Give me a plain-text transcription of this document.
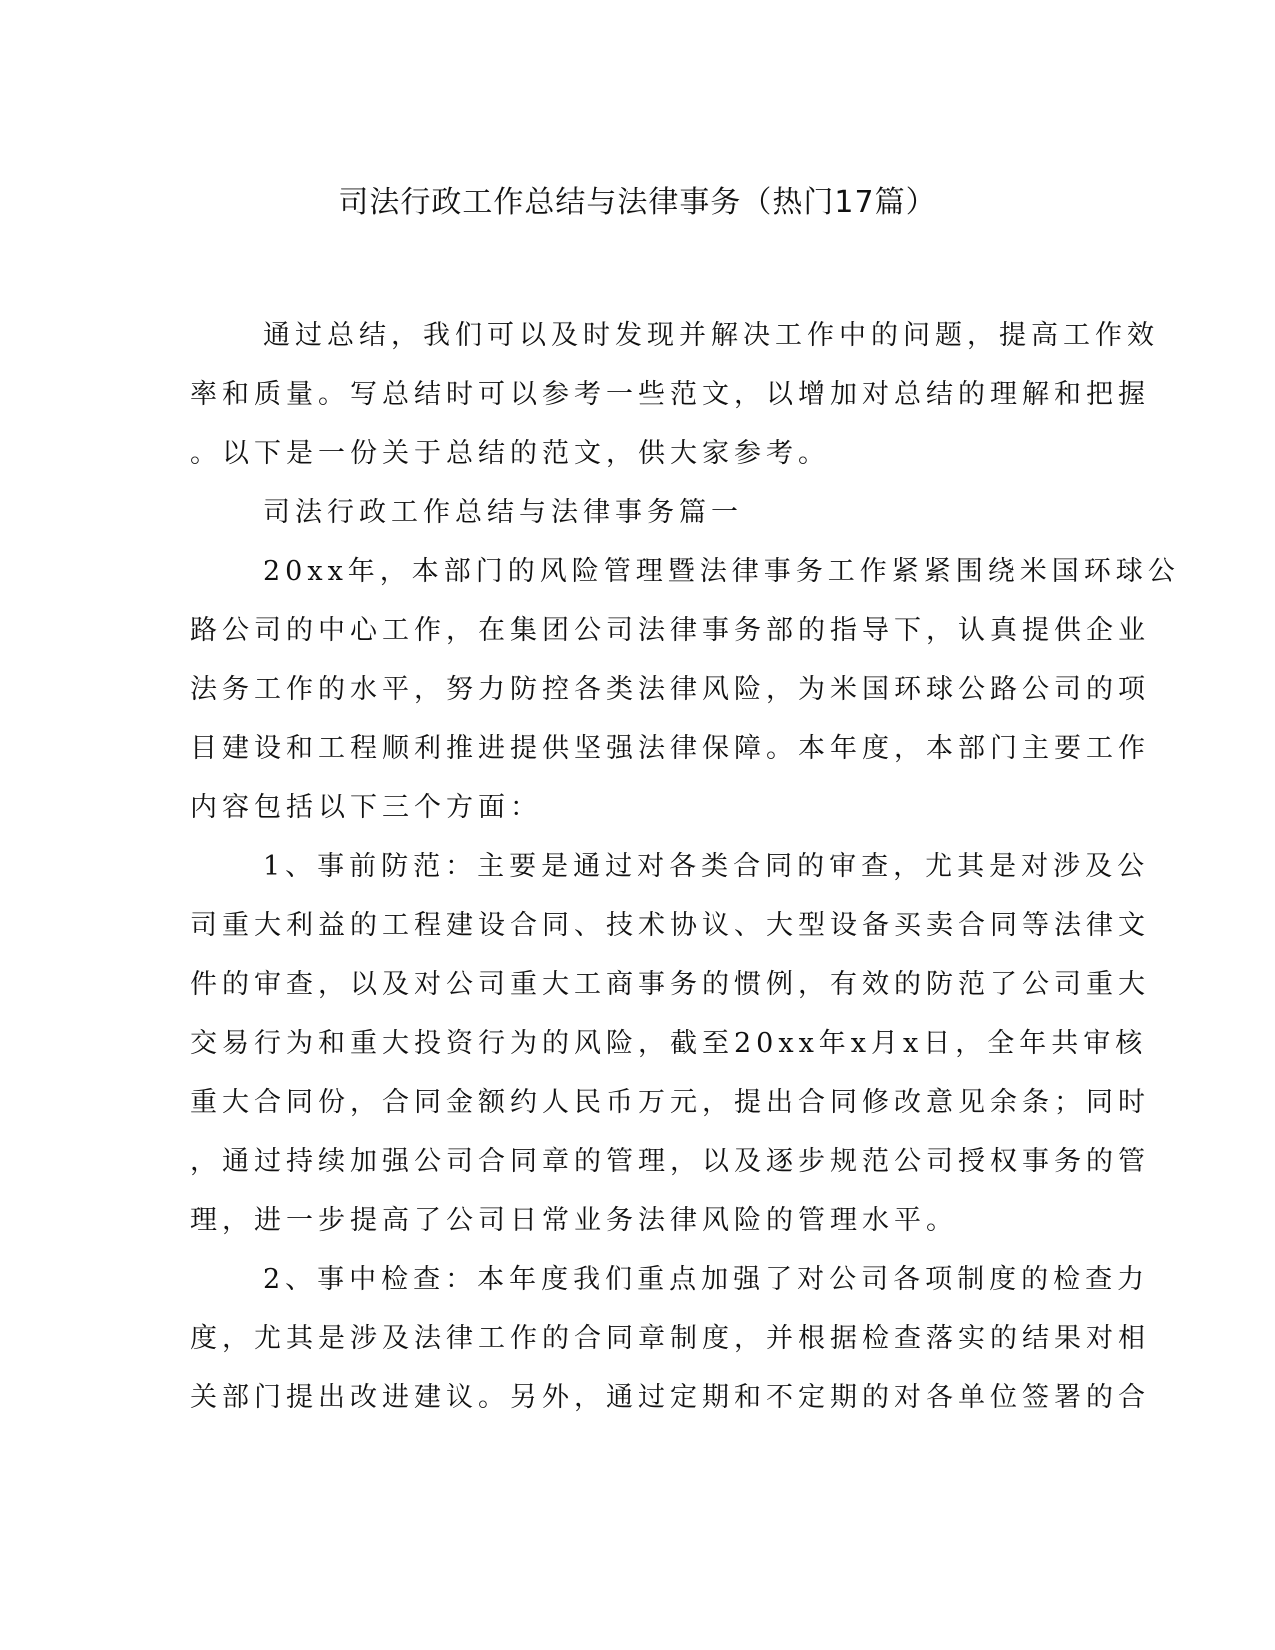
司法行政工作总结与法律事务（热门17篇）
通过总结，我们可以及时发现并解决工作中的问题，提高工作效
率和质量。写总结时可以参考一些范文，以增加对总结的理解和把握
。以下是一份关于总结的范文，供大家参考。
司法行政工作总结与法律事务篇一
20xx年，本部门的风险管理暨法律事务工作紧紧围绕米国环球公
路公司的中心工作，在集团公司法律事务部的指导下，认真提供企业
法务工作的水平，努力防控各类法律风险，为米国环球公路公司的项
目建设和工程顺利推进提供坚强法律保障。本年度，本部门主要工作
内容包括以下三个方面：
1、事前防范：主要是通过对各类合同的审查，尤其是对涉及公
司重大利益的工程建设合同、技术协议、大型设备买卖合同等法律文
件的审查，以及对公司重大工商事务的惯例，有效的防范了公司重大
交易行为和重大投资行为的风险，截至20xx年x月x日，全年共审核
重大合同份，合同金额约人民币万元，提出合同修改意见余条；同时
，通过持续加强公司合同章的管理，以及逐步规范公司授权事务的管
理，进一步提高了公司日常业务法律风险的管理水平。
2、事中检查：本年度我们重点加强了对公司各项制度的检查力
度，尤其是涉及法律工作的合同章制度，并根据检查落实的结果对相
关部门提出改进建议。另外，通过定期和不定期的对各单位签署的合
